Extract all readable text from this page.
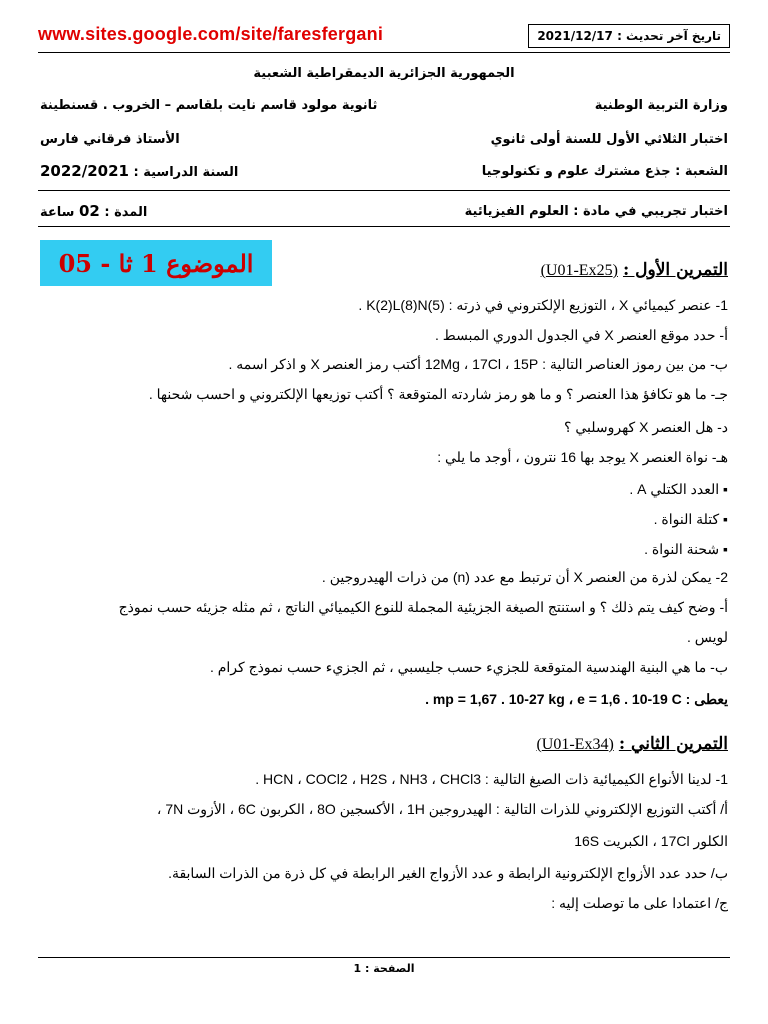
www.sites.google.com/site/faresfergani	تاريخ آخر تحديث : 2021/12/17
الجمهورية الجزائرية الديمقراطية الشعبية
وزارة التربية الوطنية
ثانوية مولود قاسم نايت بلقاسم – الخروب . قسنطينة
اختبار الثلاثي الأول للسنة أولى ثانوي
الأستاذ فرقاني فارس
الشعبة : جذع مشترك علوم و تكنولوجيا
السنة الدراسية : 2022/2021
اختبار تجريبي في مادة : العلوم الفيزيائية
المدة : 02 ساعة
الموضوع 1 ثا - 05	التمرين الأول : (U01-Ex25)
1- عنصر كيميائي X ، التوزيع الإلكتروني في ذرته : K(2)L(8)N(5) .
أ- حدد موقع العنصر X في الجدول الدوري المبسط .
ب- من بين رموز العناصر التالية : 12Mg ، 17Cl ، 15P أكتب رمز العنصر X و اذكر اسمه .
جـ- ما هو تكافؤ هذا العنصر ؟ و ما هو رمز شاردته المتوقعة ؟ أكتب توزيعها الإلكتروني و احسب شحنها .
د- هل العنصر X كهروسلبي ؟
هـ- نواة العنصر X يوجد بها 16 نترون ، أوجد ما يلي :
▪ العدد الكتلي A .
▪ كتلة النواة .
▪ شحنة النواة .
2- يمكن لذرة من العنصر X أن ترتبط مع عدد (n) من ذرات الهيدروجين .
أ- وضح كيف يتم ذلك ؟ و استنتج الصيغة الجزيئية المجملة للنوع الكيميائي الناتج ، ثم مثله جزيئه حسب نموذج
لويس .
ب- ما هي البنية الهندسية المتوقعة للجزيء حسب جليسبي ، ثم الجزيء حسب نموذج كرام .
يعطى : mp = 1,67 . 10-27 kg ، e = 1,6 . 10-19 C .
التمرين الثاني : (U01-Ex34)
1- لدينا الأنواع الكيميائية ذات الصيغ التالية : HCN ، COCl2 ، H2S ، NH3 ، CHCl3 .
أ/ أكتب التوزيع الإلكتروني للذرات التالية : الهيدروجين 1H ، الأكسجين 8O ، الكربون 6C ، الأزوت 7N ،
الكلور 17Cl ، الكبريت 16S
ب/ حدد عدد الأزواج الإلكترونية الرابطة و عدد الأزواج الغير الرابطة في كل ذرة من الذرات السابقة.
ج/ اعتمادا على ما توصلت إليه :
الصفحة : 1
